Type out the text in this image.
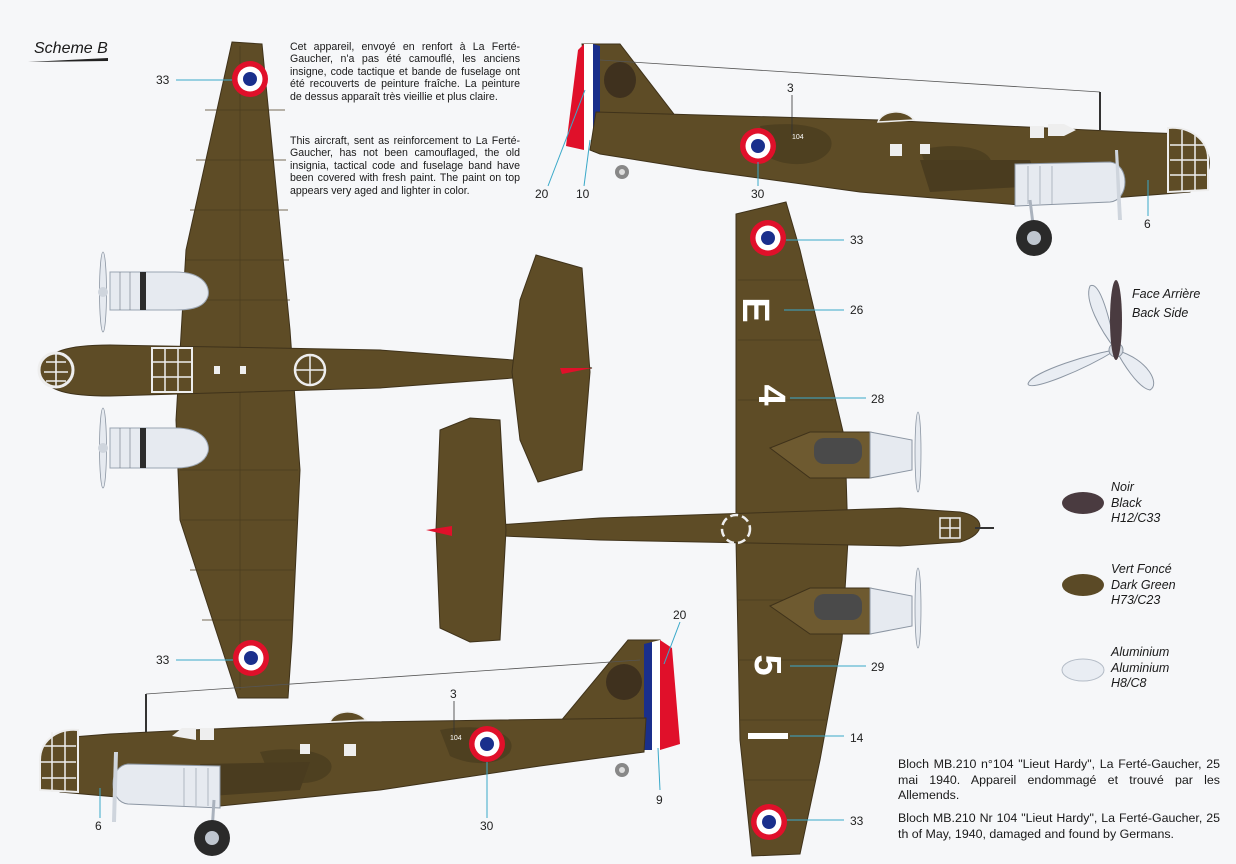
104
E
4
5
104
Scheme B	Cet appareil, envoyé en renfort à La Ferté-Gaucher, n'a pas été camouflé, les anciens insigne, code tactique et bande de fuselage ont été recouverts de peinture fraîche. La peinture de dessus apparaît très vieillie et plus claire.
This aircraft, sent as reinforcement to La Ferté-Gaucher, has not been camouflaged, the old insignia, tactical code and fuselage band have been covered with fresh paint. The paint on top appears very aged and lighter in color.
33
33
3
20 10	30
6
33
26
28
29
14
33
20
3
6	30
9
Face Arrière
Back Side
Noir
Black
H12/C33
Vert Foncé
Dark Green
H73/C23
Aluminium
Aluminium
H8/C8
Bloch MB.210 n°104 "Lieut Hardy", La Ferté-Gaucher, 25 mai 1940. Appareil endommagé et trouvé par les Allemends.
Bloch MB.210 Nr 104 "Lieut Hardy", La Ferté-Gaucher, 25 th of May, 1940, damaged and found by Germans.
